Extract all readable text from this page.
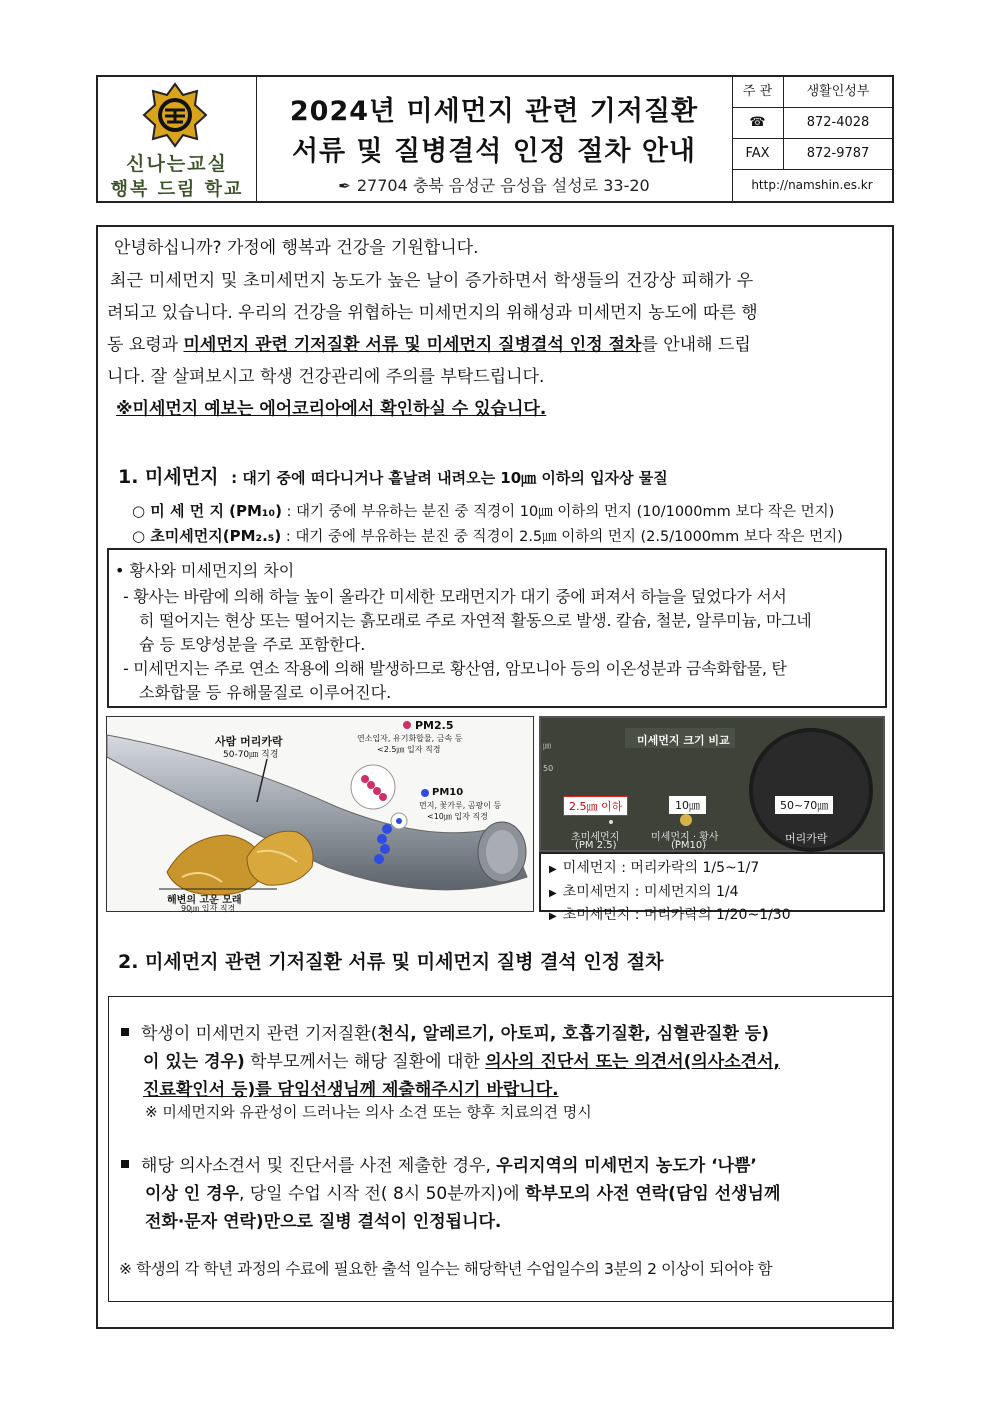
신나는교실
행복 드림 학교
2024년 미세먼지 관련 기저질환
서류 및 질병결석 인정 절차 안내
✒ 27704 충북 음성군 음성읍 설성로 33-20
주 관	생활인성부
☎	872-4028
FAX	872-9787
http://namshin.es.kr
안녕하십니까? 가정에 행복과 건강을 기원합니다.
최근 미세먼지 및 초미세먼지 농도가 높은 날이 증가하면서 학생들의 건강상 피해가 우
려되고 있습니다. 우리의 건강을 위협하는 미세먼지의 위해성과 미세먼지 농도에 따른 행
동 요령과 미세먼지 관련 기저질환 서류 및 미세먼지 질병결석 인정 절차를 안내해 드립
니다. 잘 살펴보시고 학생 건강관리에 주의를 부탁드립니다.
※미세먼지 예보는 에어코리아에서 확인하실 수 있습니다.
1. 미세먼지 : 대기 중에 떠다니거나 흩날려 내려오는 10㎛ 이하의 입자상 물질
○ 미 세 먼 지 (PM₁₀) : 대기 중에 부유하는 분진 중 직경이 10㎛ 이하의 먼지 (10/1000mm 보다 작은 먼지)
○ 초미세먼지(PM₂.₅) : 대기 중에 부유하는 분진 중 직경이 2.5㎛ 이하의 먼지 (2.5/1000mm 보다 작은 먼지)
• 황사와 미세먼지의 차이
- 황사는 바람에 의해 하늘 높이 올라간 미세한 모래먼지가 대기 중에 퍼져서 하늘을 덮었다가 서서
히 떨어지는 현상 또는 떨어지는 흙모래로 주로 자연적 활동으로 발생. 칼슘, 철분, 알루미늄, 마그네
슘 등 토양성분을 주로 포함한다.
- 미세먼지는 주로 연소 작용에 의해 발생하므로 황산염, 암모니아 등의 이온성분과 금속화합물, 탄
소화합물 등 유해물질로 이루어진다.
사람 머리카락
50-70㎛ 직경
PM2.5
연소입자, 유기화합물, 금속 등
<2.5㎛ 입자 직경
PM10
먼지, 꽃가루, 곰팡이 등
<10㎛ 입자 직경
해변의 고운 모래
90㎛ 입자 직경
미세먼지 크기 비교
㎛
50
2.5㎛ 이하	10㎛	50~70㎛
초미세먼지
(PM 2.5)
미세먼지 · 황사
(PM10)
머리카락
▶ 미세먼지 : 머리카락의 1/5~1/7
▶ 초미세먼지 : 미세먼지의 1/4
▶ 초미세먼지 : 머리카락의 1/20~1/30
2. 미세먼지 관련 기저질환 서류 및 미세먼지 질병 결석 인정 절차
학생이 미세먼지 관련 기저질환(천식, 알레르기, 아토피, 호흡기질환, 심혈관질환 등)
이 있는 경우) 학부모께서는 해당 질환에 대한 의사의 진단서 또는 의견서(의사소견서,
진료확인서 등)를 담임선생님께 제출해주시기 바랍니다.
※ 미세먼지와 유관성이 드러나는 의사 소견 또는 향후 치료의견 명시
해당 의사소견서 및 진단서를 사전 제출한 경우, 우리지역의 미세먼지 농도가 ‘나쁨’
이상 인 경우, 당일 수업 시작 전( 8시 50분까지)에 학부모의 사전 연락(담임 선생님께
전화·문자 연락)만으로 질병 결석이 인정됩니다.
※ 학생의 각 학년 과정의 수료에 필요한 출석 일수는 해당학년 수업일수의 3분의 2 이상이 되어야 함
